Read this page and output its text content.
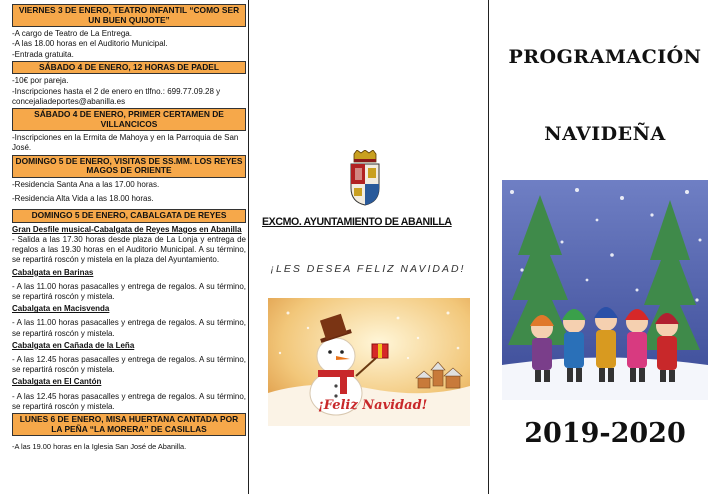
VIERNES 3 DE ENERO, TEATRO INFANTIL “COMO SER UN BUEN QUIJOTE”

-A cargo de Teatro de La Entrega.

-A las 18.00 horas en el Auditorio Municipal.

-Entrada gratuita.

SÁBADO 4 DE ENERO, 12 HORAS DE PADEL

-10€ por pareja.

-Inscripciones hasta el 2 de enero en tlfno.: 699.77.09.28 y concejaliadeportes@abanilla.es

SÁBADO 4 DE ENERO, PRIMER CERTAMEN DE VILLANCICOS

-Inscripciones en la Ermita de Mahoya y en la Parroquia de San José.

DOMINGO 5 DE ENERO, VISITAS DE SS.MM. LOS REYES MAGOS DE ORIENTE

-Residencia Santa Ana a las 17.00 horas.

-Residencia Alta Vida a las 18.00 horas.

DOMINGO 5 DE ENERO, CABALGATA DE REYES
Gran Desfile musical-Cabalgata de Reyes Magos en Abanilla

- Salida a las 17.30 horas desde plaza de La Lonja y entrega de regalos a las 19.30 horas en el Auditorio Municipal. A su término, se repartirá roscón y mistela en la plaza del Ayuntamiento.

Cabalgata en Barinas

- A las 11.00 horas pasacalles y entrega de regalos. A su término, se repartirá roscón y mistela.

Cabalgata en Macisvenda

- A las 11.00 horas pasacalles y entrega de regalos. A su término, se repartirá roscón y mistela.

Cabalgata en Cañada de la Leña

- A las 12.45 horas pasacalles y entrega de regalos. A su término, se repartirá roscón y mistela.

Cabalgata en El Cantón

- A las 12.45 horas pasacalles y entrega de regalos. A su término, se repartirá roscón y mistela.

LUNES 6 DE ENERO, MISA HUERTANA CANTADA POR LA PEÑA “LA MORERA” DE CASILLAS

-A las 19.00 horas en la Iglesia San José de Abanilla.

EXCMO. AYUNTAMIENTO DE ABANILLA
¡LES DESEA FELIZ NAVIDAD!
¡Feliz Navidad!
PROGRAMACIÓN
NAVIDEÑA
2019-2020
